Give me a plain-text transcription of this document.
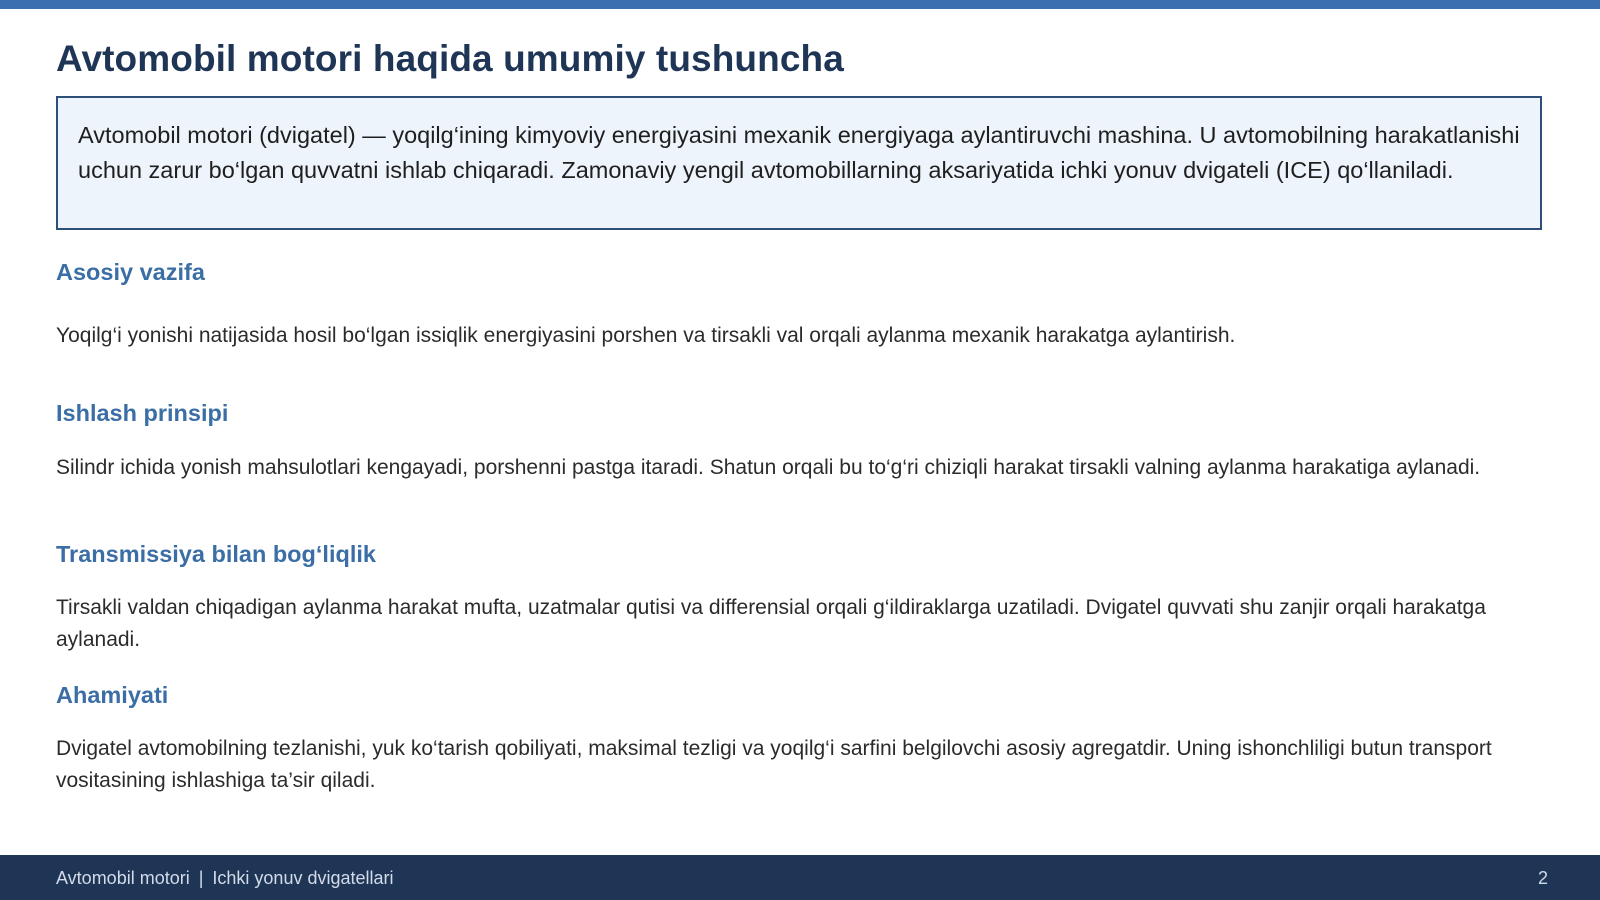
Avtomobil motori haqida umumiy tushuncha

Avtomobil motori (dvigatel) — yoqilg‘ining kimyoviy energiyasini mexanik energiyaga aylantiruvchi mashina. U avtomobilning harakatlanishi uchun zarur bo‘lgan quvvatni ishlab chiqaradi. Zamonaviy yengil avtomobillarning aksariyatida ichki yonuv dvigateli (ICE) qo‘llaniladi.

Asosiy vazifa

Yoqilg‘i yonishi natijasida hosil bo‘lgan issiqlik energiyasini porshen va tirsakli val orqali aylanma mexanik harakatga aylantirish.

Ishlash prinsipi

Silindr ichida yonish mahsulotlari kengayadi, porshenni pastga itaradi. Shatun orqali bu to‘g‘ri chiziqli harakat tirsakli valning aylanma harakatiga aylanadi.

Transmissiya bilan bog‘liqlik

Tirsakli valdan chiqadigan aylanma harakat mufta, uzatmalar qutisi va differensial orqali g‘ildiraklarga uzatiladi. Dvigatel quvvati shu zanjir orqali harakatga aylanadi.

Ahamiyati

Dvigatel avtomobilning tezlanishi, yuk ko‘tarish qobiliyati, maksimal tezligi va yoqilg‘i sarfini belgilovchi asosiy agregatdir. Uning ishonchliligi butun transport vositasining ishlashiga ta’sir qiladi.

Avtomobil motori | Ichki yonuv dvigatellari	2
